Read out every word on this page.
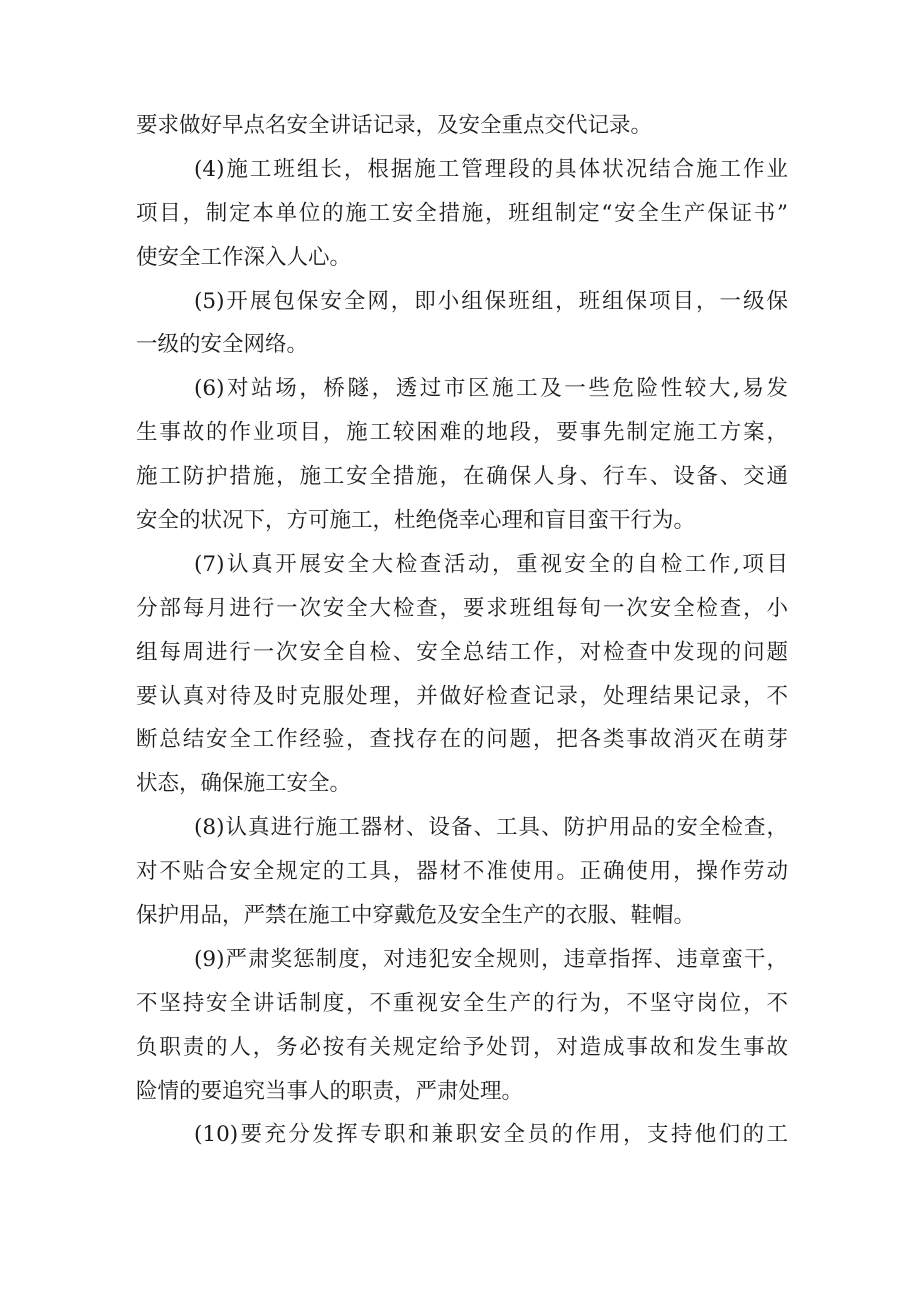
要求做好早点名安全讲话记录，及安全重点交代记录。
(4)施工班组长，根据施工管理段的具体状况结合施工作业
项目，制定本单位的施工安全措施，班组制定“安全生产保证书”
使安全工作深入人心。
(5)开展包保安全网，即小组保班组，班组保项目，一级保
一级的安全网络。
(6)对站场，桥隧，透过市区施工及一些危险性较大,易发
生事故的作业项目，施工较困难的地段，要事先制定施工方案，
施工防护措施，施工安全措施，在确保人身、行车、设备、交通
安全的状况下，方可施工，杜绝侥幸心理和盲目蛮干行为。
(7)认真开展安全大检查活动，重视安全的自检工作,项目
分部每月进行一次安全大检查，要求班组每旬一次安全检查，小
组每周进行一次安全自检、安全总结工作，对检查中发现的问题
要认真对待及时克服处理，并做好检查记录，处理结果记录，不
断总结安全工作经验，查找存在的问题，把各类事故消灭在萌芽
状态，确保施工安全。
(8)认真进行施工器材、设备、工具、防护用品的安全检查，
对不贴合安全规定的工具，器材不准使用。正确使用，操作劳动
保护用品，严禁在施工中穿戴危及安全生产的衣服、鞋帽。
(9)严肃奖惩制度，对违犯安全规则，违章指挥、违章蛮干，
不坚持安全讲话制度，不重视安全生产的行为，不坚守岗位，不
负职责的人，务必按有关规定给予处罚，对造成事故和发生事故
险情的要追究当事人的职责，严肃处理。
(10)要充分发挥专职和兼职安全员的作用，支持他们的工
